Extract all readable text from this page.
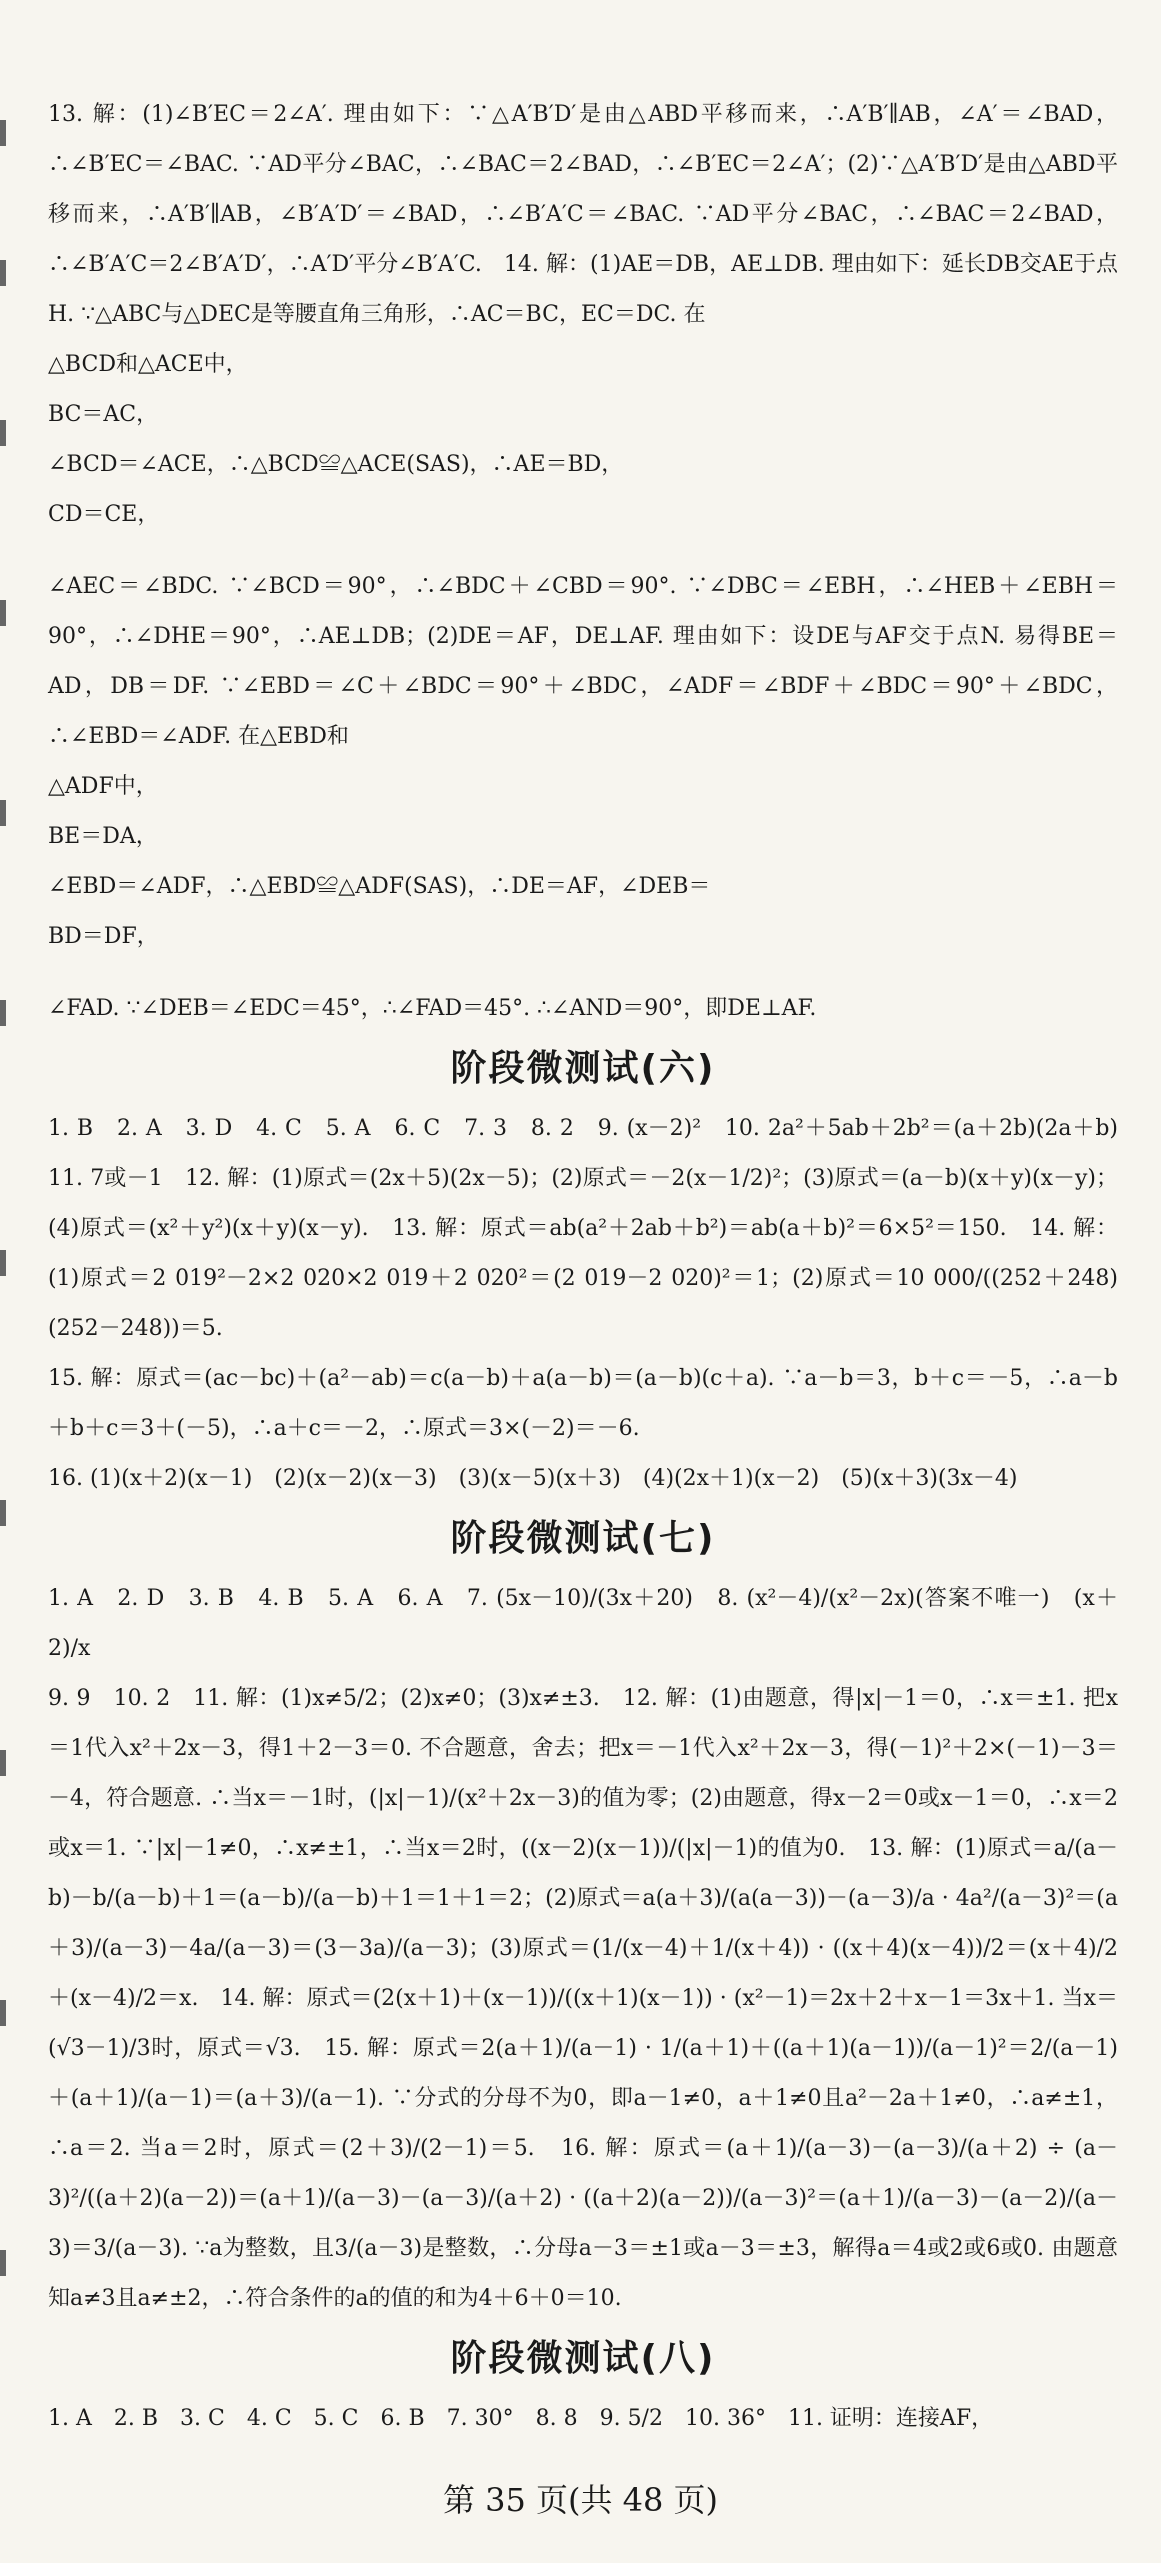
13. 解：(1)∠B′EC＝2∠A′. 理由如下：∵△A′B′D′是由△ABD平移而来，∴A′B′∥AB，∠A′＝∠BAD，∴∠B′EC＝∠BAC. ∵AD平分∠BAC，∴∠BAC＝2∠BAD，∴∠B′EC＝2∠A′；(2)∵△A′B′D′是由△ABD平移而来，∴A′B′∥AB，∠B′A′D′＝∠BAD，∴∠B′A′C＝∠BAC. ∵AD平分∠BAC，∴∠BAC＝2∠BAD，∴∠B′A′C＝2∠B′A′D′，∴A′D′平分∠B′A′C.　14. 解：(1)AE＝DB，AE⊥DB. 理由如下：延长DB交AE于点H. ∵△ABC与△DEC是等腰直角三角形，∴AC＝BC，EC＝DC. 在

△BCD和△ACE中，

BC＝AC，
∠BCD＝∠ACE，∴△BCD≌△ACE(SAS)，∴AE＝BD，
CD＝CE，

∠AEC＝∠BDC. ∵∠BCD＝90°，∴∠BDC＋∠CBD＝90°. ∵∠DBC＝∠EBH，∴∠HEB＋∠EBH＝90°，∴∠DHE＝90°，∴AE⊥DB；(2)DE＝AF，DE⊥AF. 理由如下：设DE与AF交于点N. 易得BE＝AD，DB＝DF. ∵∠EBD＝∠C＋∠BDC＝90°＋∠BDC，∠ADF＝∠BDF＋∠BDC＝90°＋∠BDC，∴∠EBD＝∠ADF. 在△EBD和

△ADF中，

BE＝DA，
∠EBD＝∠ADF，∴△EBD≌△ADF(SAS)，∴DE＝AF，∠DEB＝
BD＝DF，

∠FAD. ∵∠DEB＝∠EDC＝45°，∴∠FAD＝45°. ∴∠AND＝90°，即DE⊥AF.

阶段微测试(六)

1. B　2. A　3. D　4. C　5. A　6. C　7. 3　8. 2　9. (x－2)²　10. 2a²＋5ab＋2b²＝(a＋2b)(2a＋b)　11. 7或－1　12. 解：(1)原式＝(2x＋5)(2x－5)；(2)原式＝－2(x－1/2)²；(3)原式＝(a－b)(x＋y)(x－y)；(4)原式＝(x²＋y²)(x＋y)(x－y).　13. 解：原式＝ab(a²＋2ab＋b²)＝ab(a＋b)²＝6×5²＝150.　14. 解：(1)原式＝2 019²－2×2 020×2 019＋2 020²＝(2 019－2 020)²＝1；(2)原式＝10 000/((252＋248)(252－248))＝5.

15. 解：原式＝(ac－bc)＋(a²－ab)＝c(a－b)＋a(a－b)＝(a－b)(c＋a). ∵a－b＝3，b＋c＝－5，∴a－b＋b＋c＝3＋(－5)，∴a＋c＝－2，∴原式＝3×(－2)＝－6.

16. (1)(x＋2)(x－1)　(2)(x－2)(x－3)　(3)(x－5)(x＋3)　(4)(2x＋1)(x－2)　(5)(x＋3)(3x－4)

阶段微测试(七)

1. A　2. D　3. B　4. B　5. A　6. A　7. (5x－10)/(3x＋20)　8. (x²－4)/(x²－2x)(答案不唯一)　(x＋2)/x

9. 9　10. 2　11. 解：(1)x≠5/2；(2)x≠0；(3)x≠±3.　12. 解：(1)由题意，得|x|－1＝0，∴x＝±1. 把x＝1代入x²＋2x－3，得1＋2－3＝0. 不合题意，舍去；把x＝－1代入x²＋2x－3，得(－1)²＋2×(－1)－3＝－4，符合题意. ∴当x＝－1时，(|x|－1)/(x²＋2x－3)的值为零；(2)由题意，得x－2＝0或x－1＝0，∴x＝2或x＝1. ∵|x|－1≠0，∴x≠±1，∴当x＝2时，((x－2)(x－1))/(|x|－1)的值为0.　13. 解：(1)原式＝a/(a－b)－b/(a－b)＋1＝(a－b)/(a－b)＋1＝1＋1＝2；(2)原式＝a(a＋3)/(a(a－3))－(a－3)/a · 4a²/(a－3)²＝(a＋3)/(a－3)－4a/(a－3)＝(3－3a)/(a－3)；(3)原式＝(1/(x－4)＋1/(x＋4)) · ((x＋4)(x－4))/2＝(x＋4)/2＋(x－4)/2＝x.　14. 解：原式＝(2(x＋1)＋(x－1))/((x＋1)(x－1)) · (x²－1)＝2x＋2＋x－1＝3x＋1. 当x＝(√3－1)/3时，原式＝√3.　15. 解：原式＝2(a＋1)/(a－1) · 1/(a＋1)＋((a＋1)(a－1))/(a－1)²＝2/(a－1)＋(a＋1)/(a－1)＝(a＋3)/(a－1). ∵分式的分母不为0，即a－1≠0，a＋1≠0且a²－2a＋1≠0，∴a≠±1，∴a＝2. 当a＝2时，原式＝(2＋3)/(2－1)＝5.　16. 解：原式＝(a＋1)/(a－3)－(a－3)/(a＋2) ÷ (a－3)²/((a＋2)(a－2))＝(a＋1)/(a－3)－(a－3)/(a＋2) · ((a＋2)(a－2))/(a－3)²＝(a＋1)/(a－3)－(a－2)/(a－3)＝3/(a－3). ∵a为整数，且3/(a－3)是整数，∴分母a－3＝±1或a－3＝±3，解得a＝4或2或6或0. 由题意知a≠3且a≠±2，∴符合条件的a的值的和为4＋6＋0＝10.

阶段微测试(八)

1. A　2. B　3. C　4. C　5. C　6. B　7. 30°　8. 8　9. 5/2　10. 36°　11. 证明：连接AF，

第 35 页(共 48 页)
